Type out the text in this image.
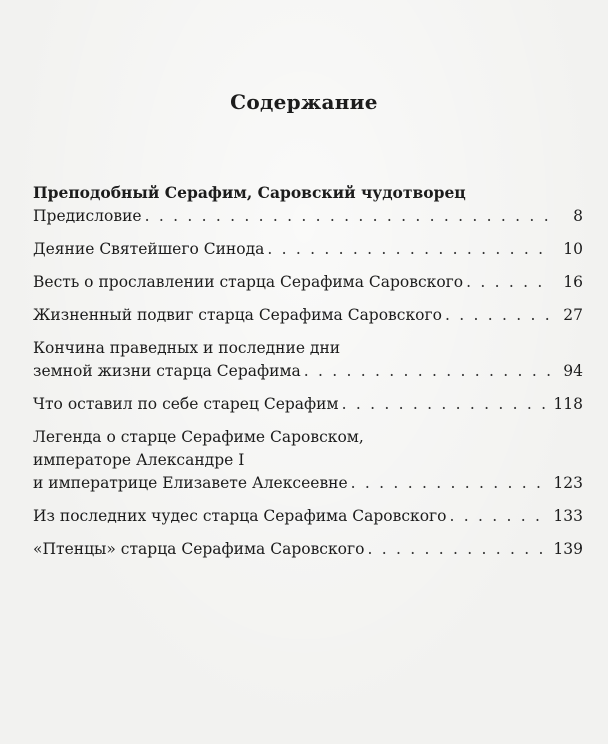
Содержание
Преподобный Серафим, Саровский чудотворец
Предисловие . . .	8
Деяние Святейшего Синода . . .	10
Весть о прославлении старца Серафима Саровского . . .	16
Жизненный подвиг старца Серафима Саровского . . .	27
Кончина праведных и последние дни
земной жизни старца Серафима . . .	94
Что оставил по себе старец Серафим . . .	118
Легенда о старце Серафиме Саровском,
императоре Александре I
и императрице Елизавете Алексеевне . . .	123
Из последних чудес старца Серафима Саровского . . .	133
«Птенцы» старца Серафима Саровского . . .	139
